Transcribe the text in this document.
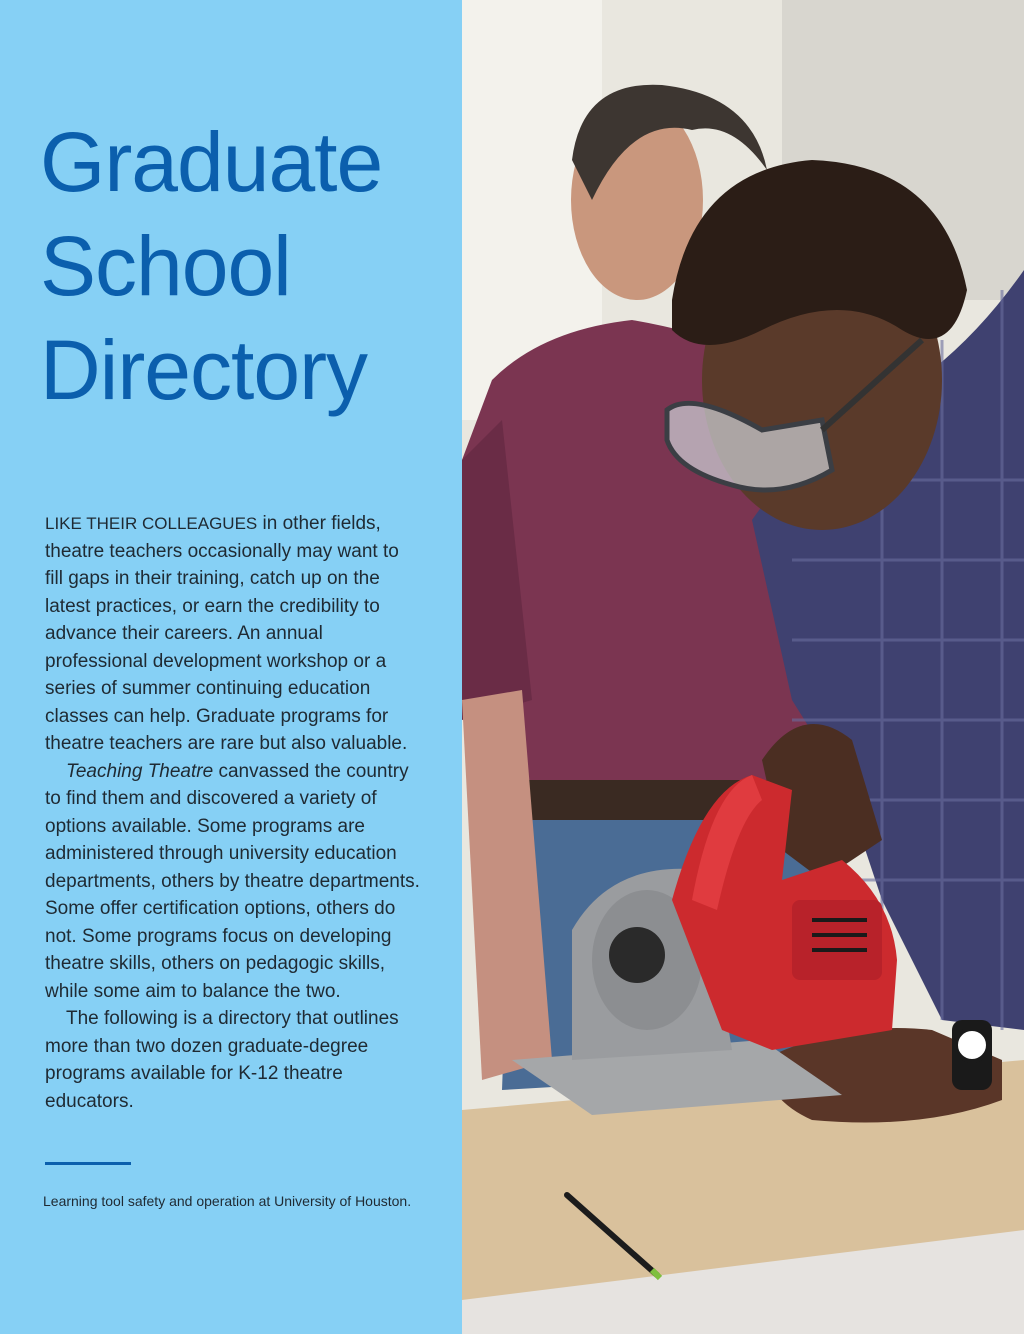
Graduate
School
Directory

LIKE THEIR COLLEAGUES in other fields, theatre teachers occasionally may want to fill gaps in their training, catch up on the latest practices, or earn the credibility to advance their careers. An annual professional development workshop or a series of summer continuing education classes can help. Graduate programs for theatre teachers are rare but also valuable.

Teaching Theatre canvassed the country to find them and discovered a variety of options available. Some programs are administered through university education departments, others by theatre departments. Some offer certification options, others do not. Some programs focus on developing theatre skills, others on pedagogic skills, while some aim to balance the two.

The following is a directory that outlines more than two dozen graduate-degree programs available for K-12 theatre educators.

Learning tool safety and operation at University of Houston.
